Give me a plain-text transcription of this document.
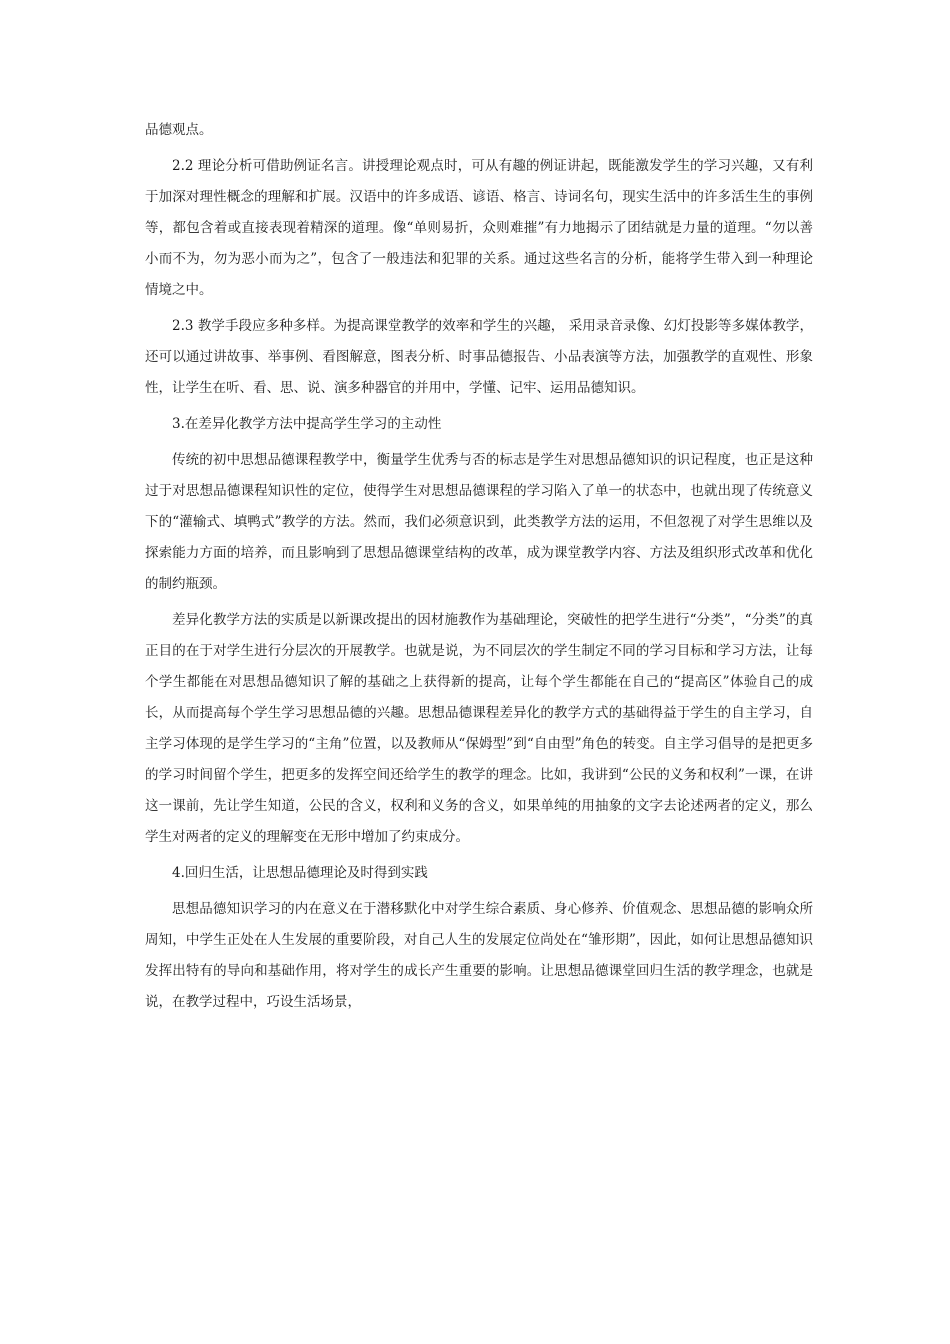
品德观点。

2.2 理论分析可借助例证名言。讲授理论观点时，可从有趣的例证讲起，既能激发学生的学习兴趣，又有利于加深对理性概念的理解和扩展。汉语中的许多成语、谚语、格言、诗词名句，现实生活中的许多活生生的事例等，都包含着或直接表现着精深的道理。像“单则易折，众则难摧”有力地揭示了团结就是力量的道理。“勿以善小而不为，勿为恶小而为之”，包含了一般违法和犯罪的关系。通过这些名言的分析，能将学生带入到一种理论情境之中。

2.3 教学手段应多种多样。为提高课堂教学的效率和学生的兴趣， 采用录音录像、幻灯投影等多媒体教学，还可以通过讲故事、举事例、看图解意，图表分析、时事品德报告、小品表演等方法，加强教学的直观性、形象性，让学生在听、看、思、说、演多种器官的并用中，学懂、记牢、运用品德知识。

3.在差异化教学方法中提高学生学习的主动性

传统的初中思想品德课程教学中，衡量学生优秀与否的标志是学生对思想品德知识的识记程度，也正是这种过于对思想品德课程知识性的定位，使得学生对思想品德课程的学习陷入了单一的状态中，也就出现了传统意义下的“灌输式、填鸭式”教学的方法。然而，我们必须意识到，此类教学方法的运用，不但忽视了对学生思维以及探索能力方面的培养，而且影响到了思想品德课堂结构的改革，成为课堂教学内容、方法及组织形式改革和优化的制约瓶颈。

差异化教学方法的实质是以新课改提出的因材施教作为基础理论，突破性的把学生进行“分类”，“分类”的真正目的在于对学生进行分层次的开展教学。也就是说，为不同层次的学生制定不同的学习目标和学习方法，让每个学生都能在对思想品德知识了解的基础之上获得新的提高，让每个学生都能在自己的“提高区”体验自己的成长，从而提高每个学生学习思想品德的兴趣。思想品德课程差异化的教学方式的基础得益于学生的自主学习，自主学习体现的是学生学习的“主角”位置，以及教师从“保姆型”到“自由型”角色的转变。自主学习倡导的是把更多的学习时间留个学生，把更多的发挥空间还给学生的教学的理念。比如，我讲到“公民的义务和权利”一课，在讲这一课前，先让学生知道，公民的含义，权利和义务的含义，如果单纯的用抽象的文字去论述两者的定义，那么学生对两者的定义的理解变在无形中增加了约束成分。

4.回归生活，让思想品德理论及时得到实践

思想品德知识学习的内在意义在于潜移默化中对学生综合素质、身心修养、价值观念、思想品德的影响众所周知，中学生正处在人生发展的重要阶段，对自己人生的发展定位尚处在“雏形期”，因此，如何让思想品德知识发挥出特有的导向和基础作用，将对学生的成长产生重要的影响。让思想品德课堂回归生活的教学理念，也就是说，在教学过程中，巧设生活场景，
